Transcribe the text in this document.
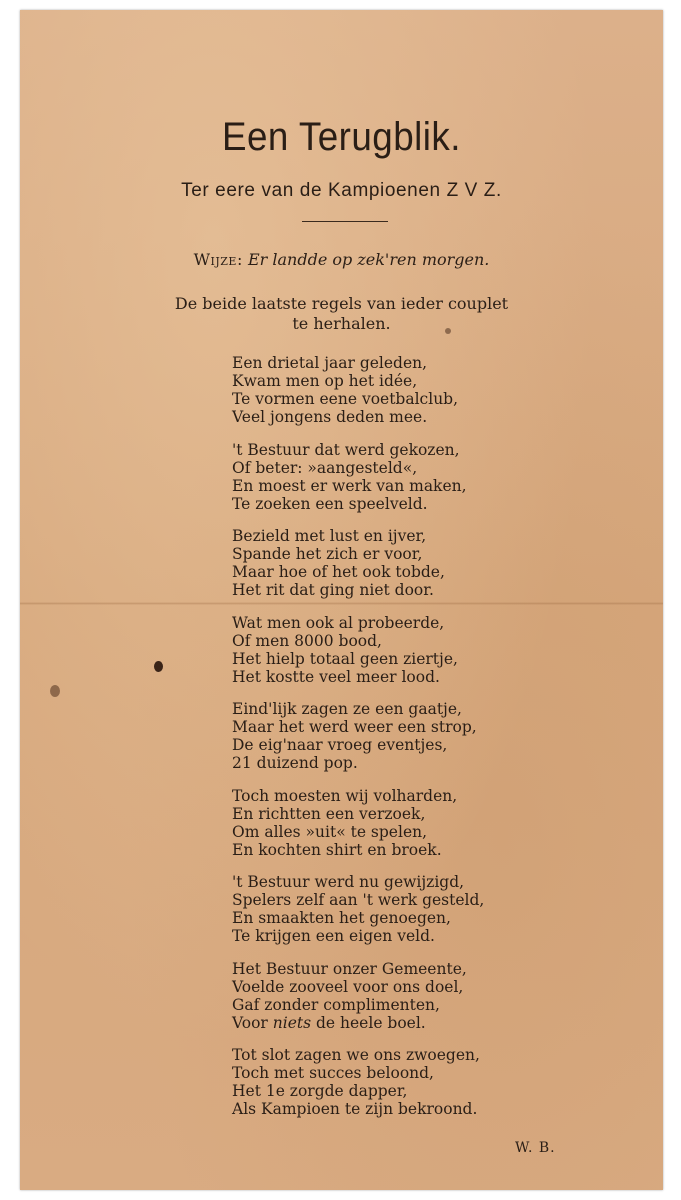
Een Terugblik.
Ter eere van de Kampioenen Z V Z.
Wijze: Er landde op zek'ren morgen.
De beide laatste regels van ieder couplet
te herhalen.
Een drietal jaar geleden,
Kwam men op het idée,
Te vormen eene voetbalclub,
Veel jongens deden mee.
't Bestuur dat werd gekozen,
Of beter: »aangesteld«,
En moest er werk van maken,
Te zoeken een speelveld.
Bezield met lust en ijver,
Spande het zich er voor,
Maar hoe of het ook tobde,
Het rit dat ging niet door.
Wat men ook al probeerde,
Of men 8000 bood,
Het hielp totaal geen ziertje,
Het kostte veel meer lood.
Eind'lijk zagen ze een gaatje,
Maar het werd weer een strop,
De eig'naar vroeg eventjes,
21 duizend pop.
Toch moesten wij volharden,
En richtten een verzoek,
Om alles »uit« te spelen,
En kochten shirt en broek.
't Bestuur werd nu gewijzigd,
Spelers zelf aan 't werk gesteld,
En smaakten het genoegen,
Te krijgen een eigen veld.
Het Bestuur onzer Gemeente,
Voelde zooveel voor ons doel,
Gaf zonder complimenten,
Voor niets de heele boel.
Tot slot zagen we ons zwoegen,
Toch met succes beloond,
Het 1e zorgde dapper,
Als Kampioen te zijn bekroond.
W. B.
